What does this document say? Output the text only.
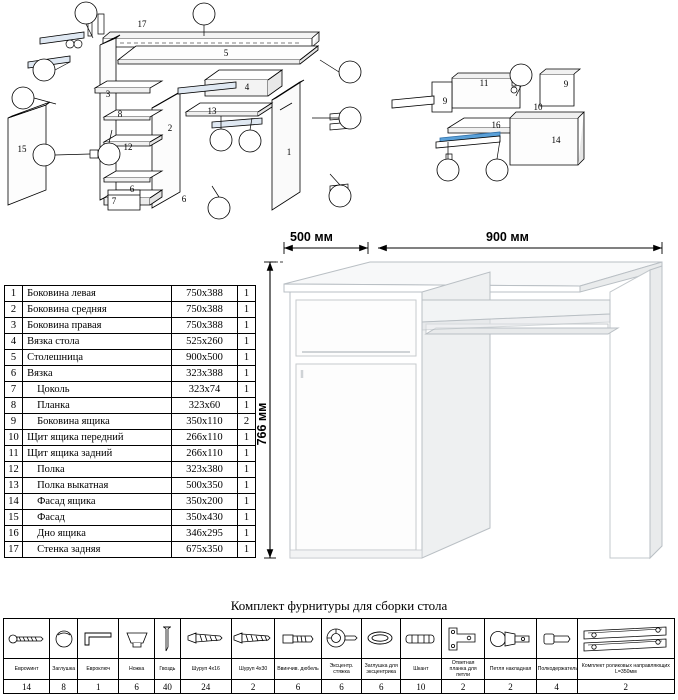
17
5
3
4
13
8
2
12
15
6
7
1
6
11
9
9
10
16
14
1	Боковина левая	750х388	1
2	Боковина средняя	750х388	1
3	Боковина правая	750х388	1
4	Вязка стола	525х260	1
5	Столешница	900х500	1
6	Вязка	323х388	1
7	Цоколь	323х74	1
8	Планка	323х60	1
9	Боковина ящика	350х110	2
10	Щит ящика передний	266х110	1
11	Щит ящика задний	266х110	1
12	Полка	323х380	1
13	Полка выкатная	500х350	1
14	Фасад ящика	350х200	1
15	Фасад	350х430	1
16	Дно ящика	346х295	1
17	Стенка задняя	675х350	1
500 мм	900 мм
766 мм
Комплект фурнитуры для сборки стола

Еврowинт	Заглушка	Евроключ	Ножка	Гвоздь	Шуруп 4х16	Шуруп 4х30	Ввинчив. дюбель	Эксцентр. стяжка	Заглушка для эксцентрика	Шкант	Ответная планка для петли	Петля накладная	Полкодержатель	Комплект роликовых направляющих L=350мм
14	8	1	6	40	24	2	6	6	6	10	2	2	4	2
